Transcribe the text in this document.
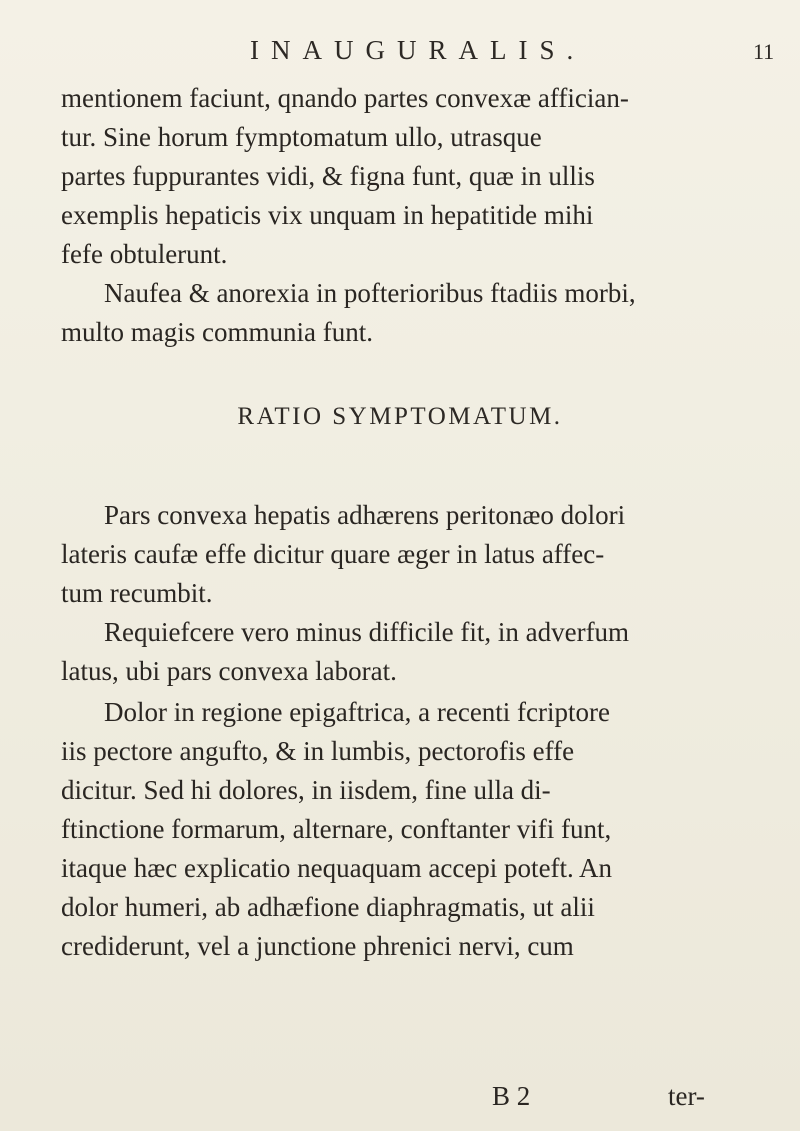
INAUGURALIS.	11
mentionem faciunt, qnando partes convexæ affician-
tur. Sine horum fymptomatum ullo, utrasque
partes fuppurantes vidi, & figna funt, quæ in ullis
exemplis hepaticis vix unquam in hepatitide mihi
fefe obtulerunt.
Naufea & anorexia in pofterioribus ftadiis morbi,
multo magis communia funt.
RATIO SYMPTOMATUM.
Pars convexa hepatis adhærens peritonæo dolori
lateris caufæ effe dicitur quare æger in latus affec-
tum recumbit.
Requiefcere vero minus difficile fit, in adverfum
latus, ubi pars convexa laborat.
Dolor in regione epigaftrica, a recenti fcriptore
iis pectore angufto, & in lumbis, pectorofis effe
dicitur. Sed hi dolores, in iisdem, fine ulla di-
ftinctione formarum, alternare, conftanter vifi funt,
itaque hæc explicatio nequaquam accepi poteft. An
dolor humeri, ab adhæfione diaphragmatis, ut alii
crediderunt, vel a junctione phrenici nervi, cum
B 2	ter-
